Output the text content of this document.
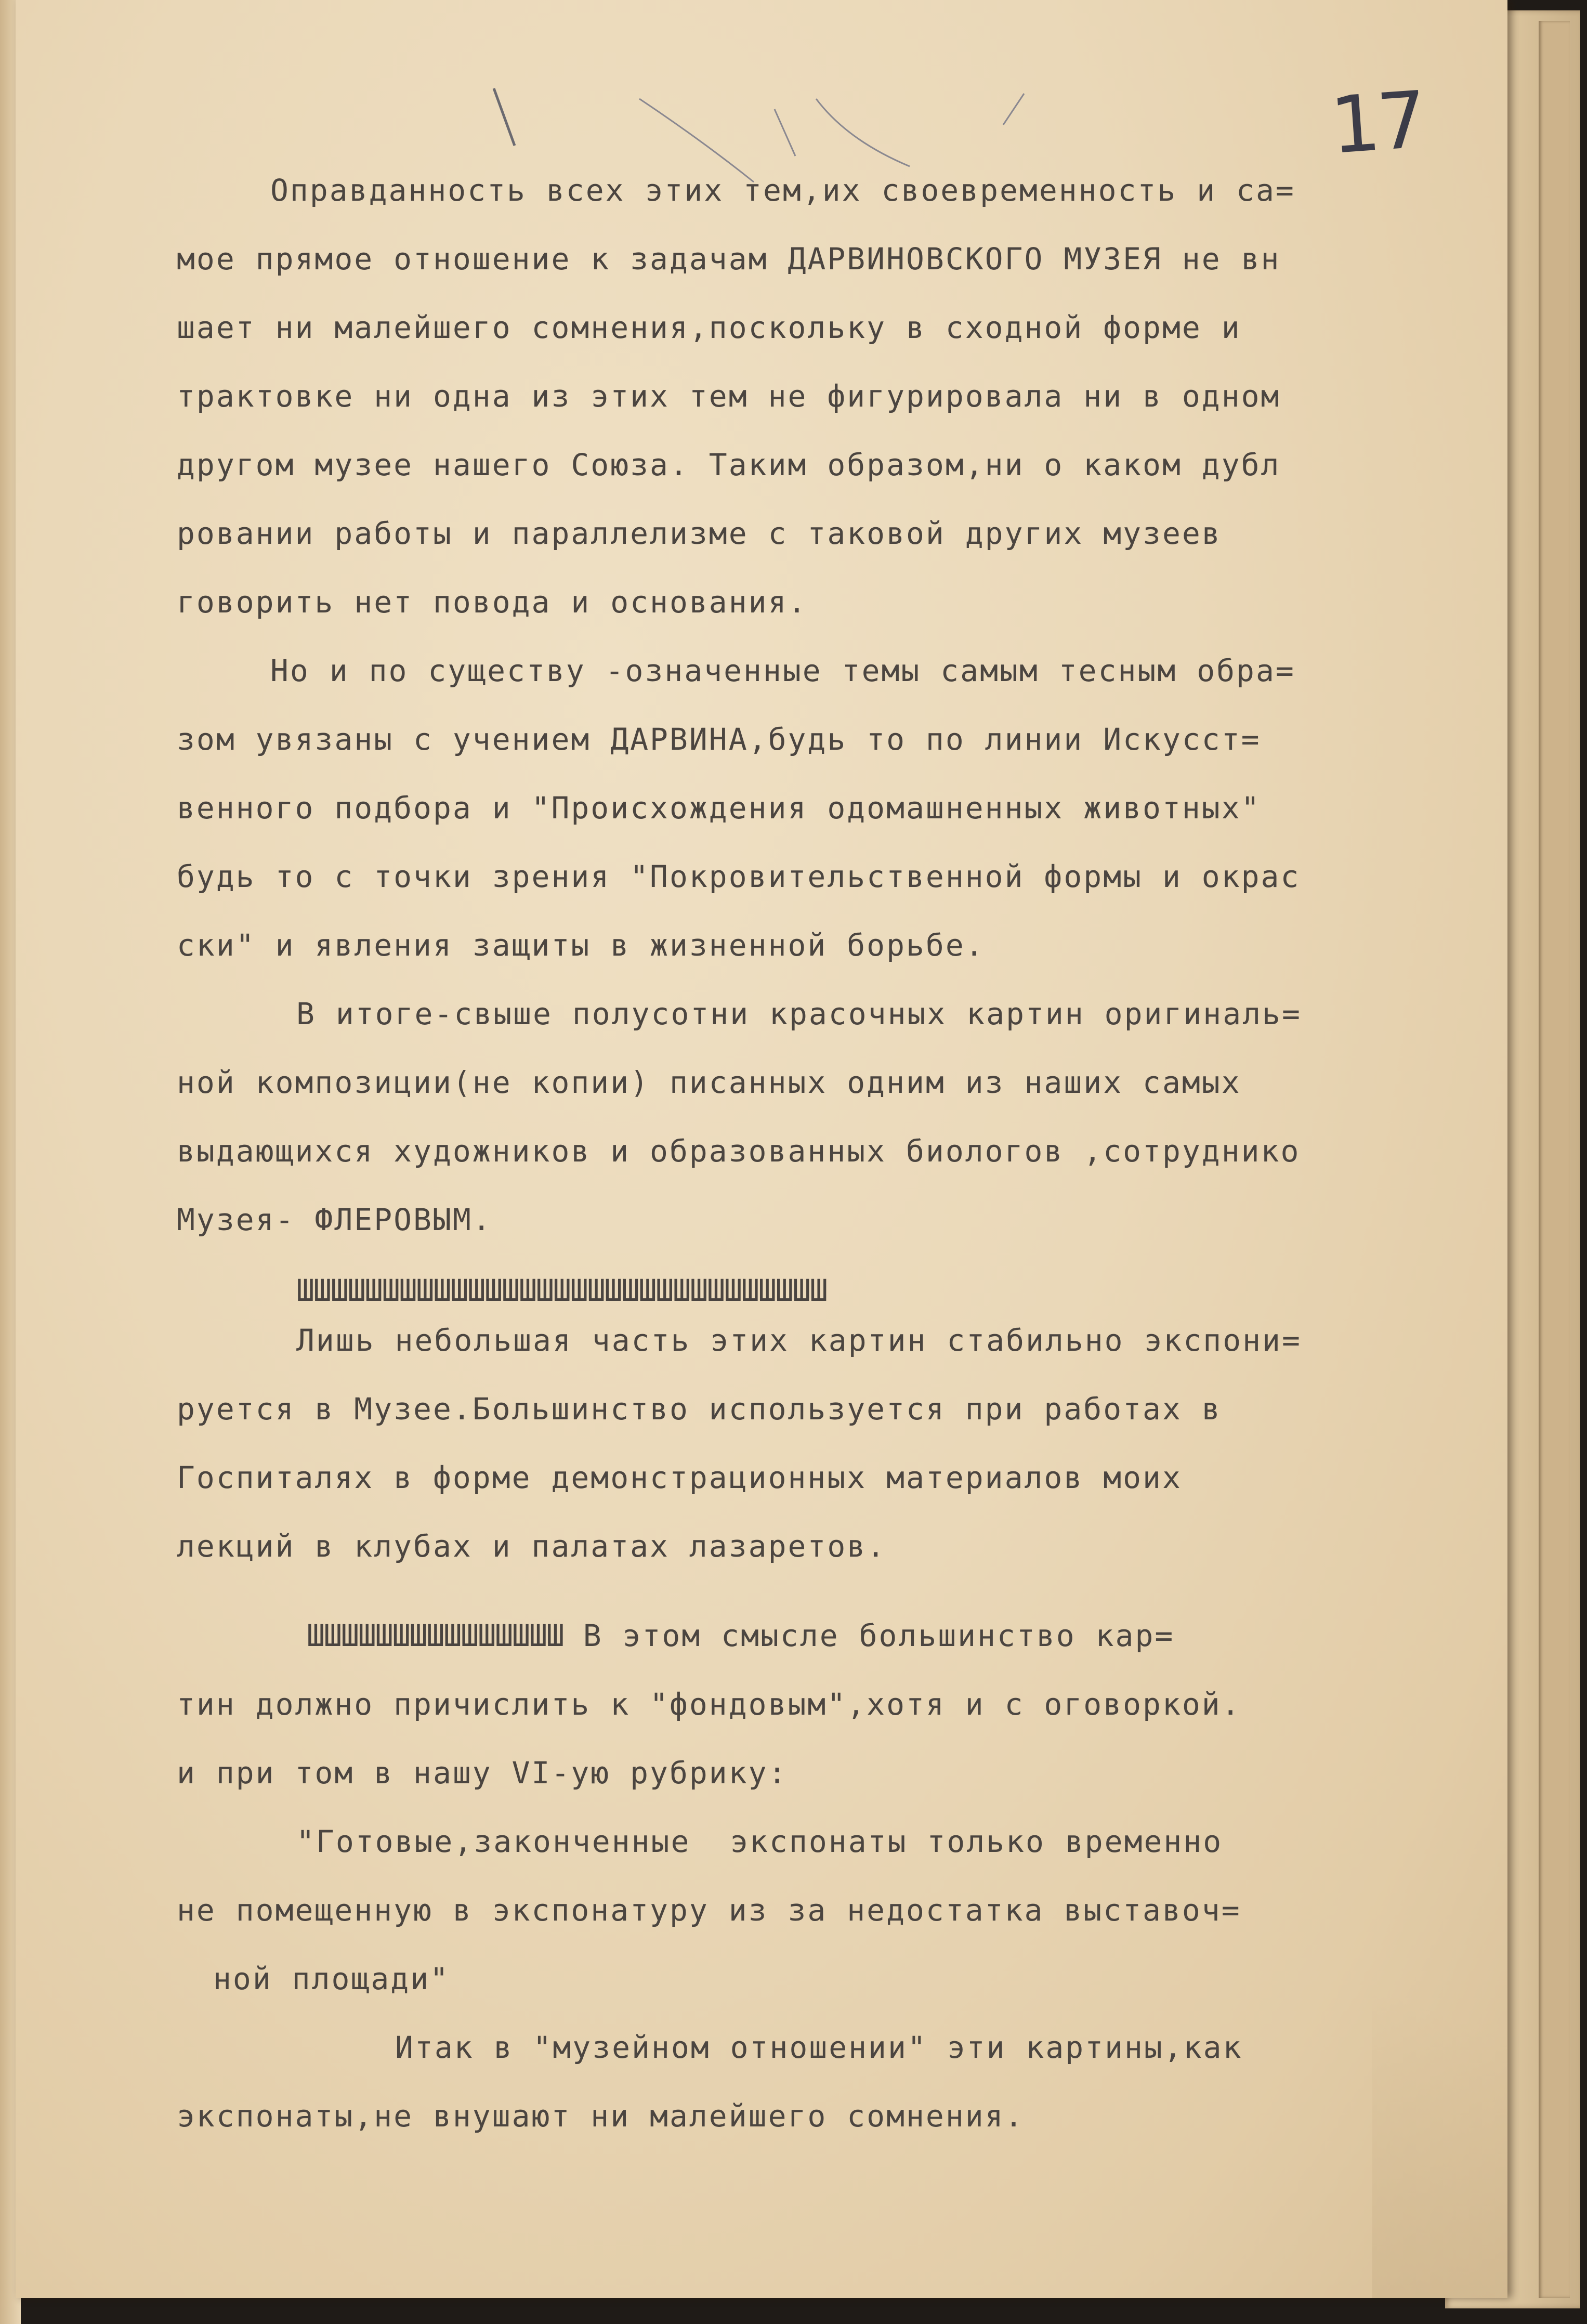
17
Оправданность всех этих тем,их своевременность и са=
мое прямое отношение к задачам ДАРВИНОВСКОГО МУЗЕЯ не вн
шает ни малейшего сомнения,поскольку в сходной форме и
трактовке ни одна из этих тем не фигурировала ни в одном
другом музее нашего Союза. Таким образом,ни о каком дубл
ровании работы и параллелизме с таковой других музеев
говорить нет повода и основания.
Но и по существу -означенные темы самым тесным обра=
зом увязаны с учением ДАРВИНА,будь то по линии Искусст=
венного подбора и "Происхождения одомашненных животных"
будь то с точки зрения "Покровительственной формы и окрас
ски" и явления защиты в жизненной борьбе.
В итоге-свыше полусотни красочных картин оригиналь=
ной композиции(не копии) писанных одним из наших самых
выдающихся художников и образованных биологов ,сотруднико
Музея- ФЛЕРОВЫМ.
ШШШШШШШШШШШШШШШШШШШШШШШШШШШШШШШ
Лишь небольшая часть этих картин стабильно экспони=
руется в Музее.Большинство используется при работах в
Госпиталях в форме демонстрационных материалов моих
лекций в клубах и палатах лазаретов.
ШШШШШШШШШШШШШШШ В этом смысле большинство кар=
тин должно причислить к "фондовым",хотя и с оговоркой.
и при том в нашу VI-ую рубрику:
"Готовые,законченные  экспонаты только временно
не помещенную в экспонатуру из за недостатка выставоч=
ной площади"
Итак в "музейном отношении" эти картины,как
экспонаты,не внушают ни малейшего сомнения.
